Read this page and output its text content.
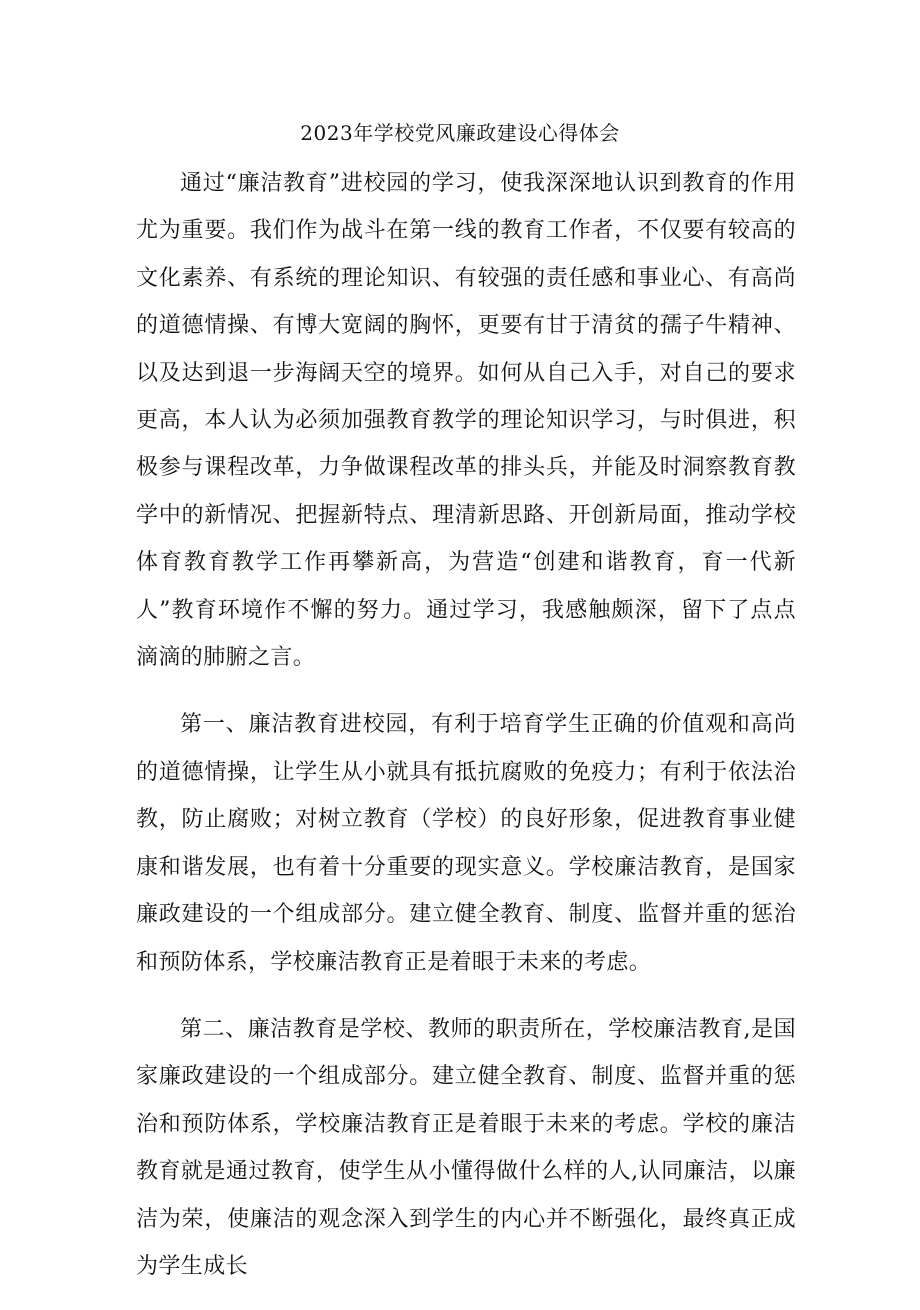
2023年学校党风廉政建设心得体会

通过“廉洁教育”进校园的学习，使我深深地认识到教育的作用尤为重要。我们作为战斗在第一线的教育工作者，不仅要有较高的文化素养、有系统的理论知识、有较强的责任感和事业心、有高尚的道德情操、有博大宽阔的胸怀，更要有甘于清贫的孺子牛精神、以及达到退一步海阔天空的境界。如何从自己入手，对自己的要求更高，本人认为必须加强教育教学的理论知识学习，与时俱进，积极参与课程改革，力争做课程改革的排头兵，并能及时洞察教育教学中的新情况、把握新特点、理清新思路、开创新局面，推动学校体育教育教学工作再攀新高，为营造“创建和谐教育，育一代新人”教育环境作不懈的努力。通过学习，我感触颇深，留下了点点滴滴的肺腑之言。

第一、廉洁教育进校园，有利于培育学生正确的价值观和高尚的道德情操，让学生从小就具有抵抗腐败的免疫力；有利于依法治教，防止腐败；对树立教育（学校）的良好形象，促进教育事业健康和谐发展，也有着十分重要的现实意义。学校廉洁教育，是国家廉政建设的一个组成部分。建立健全教育、制度、监督并重的惩治和预防体系，学校廉洁教育正是着眼于未来的考虑。

第二、廉洁教育是学校、教师的职责所在，学校廉洁教育,是国家廉政建设的一个组成部分。建立健全教育、制度、监督并重的惩治和预防体系，学校廉洁教育正是着眼于未来的考虑。学校的廉洁教育就是通过教育，使学生从小懂得做什么样的人,认同廉洁，以廉洁为荣，使廉洁的观念深入到学生的内心并不断强化，最终真正成为学生成长
